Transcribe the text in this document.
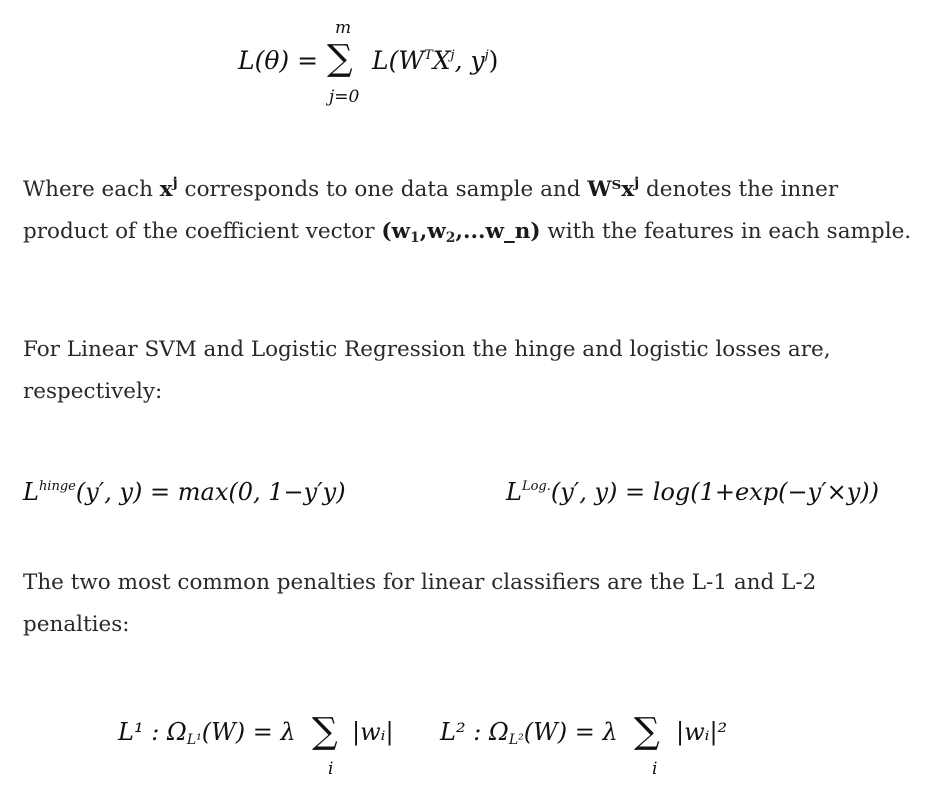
L(θ) =
m
∑
j=0
$L(W^TX^j$, $y^j$)

Where each $x^j$ corresponds to one data sample and Wᵀx$^j$ denotes the inner product of the coefficient vector $(w_1,w_2,...w\_n)$ with the features in each sample.

For Linear SVM and Logistic Regression the hinge and logistic losses are, respectively:

$L^{hinge}(y'$, y) = max(0, 1−y′y)	$L^{Log.}(y'$, y) = log(1+exp(−y′×y))

The two most common penalties for linear classifiers are the L-1 and L-2 penalties:

L¹ : $\Omega_{L^1}(W) = \lambda$ ∑
i
|wᵢ| L² : $\Omega_{L^2}(W) = \lambda$ ∑
i
|wᵢ|²
